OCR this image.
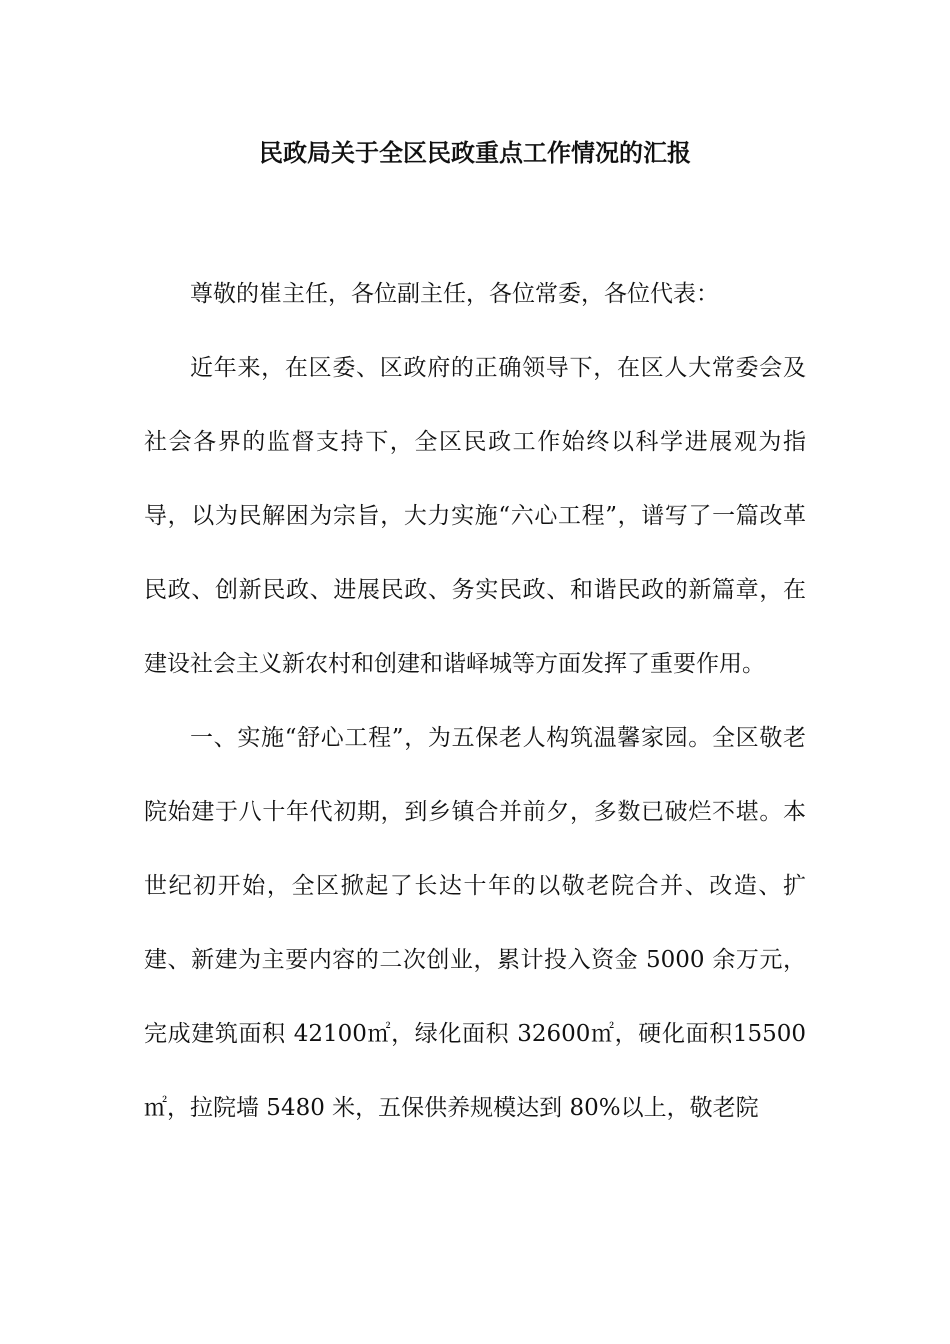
民政局关于全区民政重点工作情况的汇报

尊敬的崔主任，各位副主任，各位常委，各位代表：

近年来，在区委、区政府的正确领导下，在区人大常委会及社会各界的监督支持下，全区民政工作始终以科学进展观为指导，以为民解困为宗旨，大力实施“六心工程”，谱写了一篇改革民政、创新民政、进展民政、务实民政、和谐民政的新篇章，在建设社会主义新农村和创建和谐峄城等方面发挥了重要作用。

一、实施“舒心工程”，为五保老人构筑温馨家园。全区敬老院始建于八十年代初期，到乡镇合并前夕，多数已破烂不堪。本世纪初开始，全区掀起了长达十年的以敬老院合并、改造、扩建、新建为主要内容的二次创业，累计投入资金 5000 余万元，完成建筑面积 42100㎡，绿化面积 32600㎡，硬化面积15500㎡，拉院墙 5480 米，五保供养规模达到 80%以上，敬老院
